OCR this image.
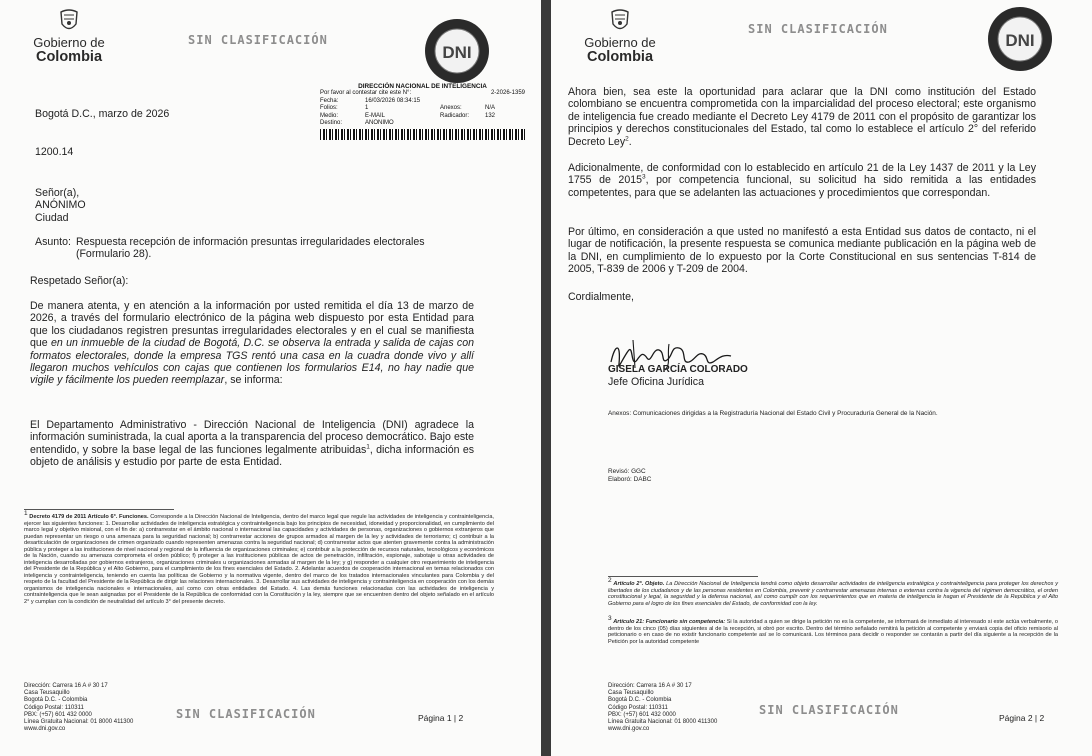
Gobierno de
Colombia
SIN CLASIFICACIÓN
DNI
DIRECCIÓN NACIONAL DE INTELIGENCIA
Por favor al contestar cite este N°:	2-2026-1359
Fecha:	16/03/2026 08:34:15
Folios:	1	Anexos:	N/A
Medio:	E-MAIL	Radicador:	132
Destino:	ANONIMO
Bogotá D.C., marzo de 2026
1200.14
Señor(a),
ANÓNIMO
Ciudad
Asunto: Respuesta recepción de información presuntas irregularidades electorales (Formulario 28).
Respetado Señor(a):
De manera atenta, y en atención a la información por usted remitida el día 13 de marzo de 2026, a través del formulario electrónico de la página web dispuesto por esta Entidad para que los ciudadanos registren presuntas irregularidades electorales y en el cual se manifiesta que en un inmueble de la ciudad de Bogotá, D.C. se observa la entrada y salida de cajas con formatos electorales, donde la empresa TGS rentó una casa en la cuadra donde vivo y allí llegaron muchos vehículos con cajas que contienen los formularios E14, no hay nadie que vigile y fácilmente los pueden reemplazar, se informa:
El Departamento Administrativo - Dirección Nacional de Inteligencia (DNI) agradece la información suministrada, la cual aporta a la transparencia del proceso democrático. Bajo este entendido, y sobre la base legal de las funciones legalmente atribuidas$^1$, dicha información es objeto de análisis y estudio por parte de esta Entidad.
1 Decreto 4179 de 2011 Artículo 6°. Funciones. Corresponde a la Dirección Nacional de Inteligencia, dentro del marco legal que regule las actividades de inteligencia y contrainteligencia, ejercer las siguientes funciones: 1. Desarrollar actividades de inteligencia estratégica y contrainteligencia bajo los principios de necesidad, idoneidad y proporcionalidad, en cumplimiento del marco legal y objetivo misional, con el fin de: a) contrarrestar en el ámbito nacional o internacional las capacidades y actividades de personas, organizaciones o gobiernos extranjeros que puedan representar un riesgo o una amenaza para la seguridad nacional; b) contrarrestar acciones de grupos armados al margen de la ley y actividades de terrorismo; c) contribuir a la desarticulación de organizaciones de crimen organizado cuando representen amenazas contra la seguridad nacional; d) contrarrestar actos que atenten gravemente contra la administración pública y proteger a las instituciones de nivel nacional y regional de la influencia de organizaciones criminales; e) contribuir a la protección de recursos naturales, tecnológicos y económicos de la Nación, cuando su amenaza comprometa el orden público; f) proteger a las instituciones públicas de actos de penetración, infiltración, espionaje, sabotaje u otras actividades de inteligencia desarrolladas por gobiernos extranjeros, organizaciones criminales u organizaciones armadas al margen de la ley; y g) responder a cualquier otro requerimiento de inteligencia del Presidente de la República y el Alto Gobierno, para el cumplimiento de los fines esenciales del Estado. 2. Adelantar acuerdos de cooperación internacional en temas relacionados con inteligencia y contrainteligencia, teniendo en cuenta las políticas de Gobierno y la normativa vigente, dentro del marco de los tratados internacionales vinculantes para Colombia y del respeto de la facultad del Presidente de la República de dirigir las relaciones internacionales. 3. Desarrollar sus actividades de inteligencia y contrainteligencia en cooperación con los demás organismos de inteligencia nacionales e internacionales, así como con otras entidades del Estado. 4. Las demás funciones relacionadas con las actividades de inteligencia y contrainteligencia que le sean asignadas por el Presidente de la República de conformidad con la Constitución y la ley, siempre que se encuentren dentro del objeto señalado en el artículo 2° y cumplan con la condición de neutralidad del artículo 3° del presente decreto.
Dirección: Carrera 16 A # 30 17
Casa Teusaquillo
Bogotá D.C. - Colombia
Código Postal: 110311
PBX: (+57) 601 432 0000
Línea Gratuita Nacional: 01 8000 411300
www.dni.gov.co
SIN CLASIFICACIÓN	Página 1 | 2
Gobierno de
Colombia
SIN CLASIFICACIÓN
DNI
Ahora bien, sea este la oportunidad para aclarar que la DNI como institución del Estado colombiano se encuentra comprometida con la imparcialidad del proceso electoral; este organismo de inteligencia fue creado mediante el Decreto Ley 4179 de 2011 con el propósito de garantizar los principios y derechos constitucionales del Estado, tal como lo establece el artículo 2° del referido Decreto Ley$^2$.
Adicionalmente, de conformidad con lo establecido en artículo 21 de la Ley 1437 de 2011 y la Ley 1755 de 2015$^3$, por competencia funcional, su solicitud ha sido remitida a las entidades competentes, para que se adelanten las actuaciones y procedimientos que correspondan.
Por último, en consideración a que usted no manifestó a esta Entidad sus datos de contacto, ni el lugar de notificación, la presente respuesta se comunica mediante publicación en la página web de la DNI, en cumplimiento de lo expuesto por la Corte Constitucional en sus sentencias T-814 de 2005, T-839 de 2006 y T-209 de 2004.
Cordialmente,
GISELA GARCÍA COLORADO
Jefe Oficina Jurídica
Anexos: Comunicaciones dirigidas a la Registraduría Nacional del Estado Civil y Procuraduría General de la Nación.
Revisó: GGC
Elaboró: DABC
2 Artículo 2°. Objeto. La Dirección Nacional de Inteligencia tendrá como objeto desarrollar actividades de inteligencia estratégica y contrainteligencia para proteger los derechos y libertades de los ciudadanos y de las personas residentes en Colombia, prevenir y contrarrestar amenazas internas o externas contra la vigencia del régimen democrático, el orden constitucional y legal, la seguridad y la defensa nacional, así como cumplir con los requerimientos que en materia de inteligencia le hagan el Presidente de la República y el Alto Gobierno para el logro de los fines esenciales del Estado, de conformidad con la ley.
3 Artículo 21: Funcionario sin competencia: Si la autoridad a quien se dirige la petición no es la competente, se informará de inmediato al interesado si este actúa verbalmente, o dentro de los cinco (05) días siguientes al de la recepción, si obró por escrito. Dentro del término señalado remitirá la petición al competente y enviará copia del oficio remisorio al peticionario o en caso de no existir funcionario competente así se lo comunicará. Los términos para decidir o responder se contarán a partir del día siguiente a la recepción de la Petición por la autoridad competente
Dirección: Carrera 16 A # 30 17
Casa Teusaquillo
Bogotá D.C. - Colombia
Código Postal: 110311
PBX: (+57) 601 432 0000
Línea Gratuita Nacional: 01 8000 411300
www.dni.gov.co
SIN CLASIFICACIÓN
Página 2 | 2
